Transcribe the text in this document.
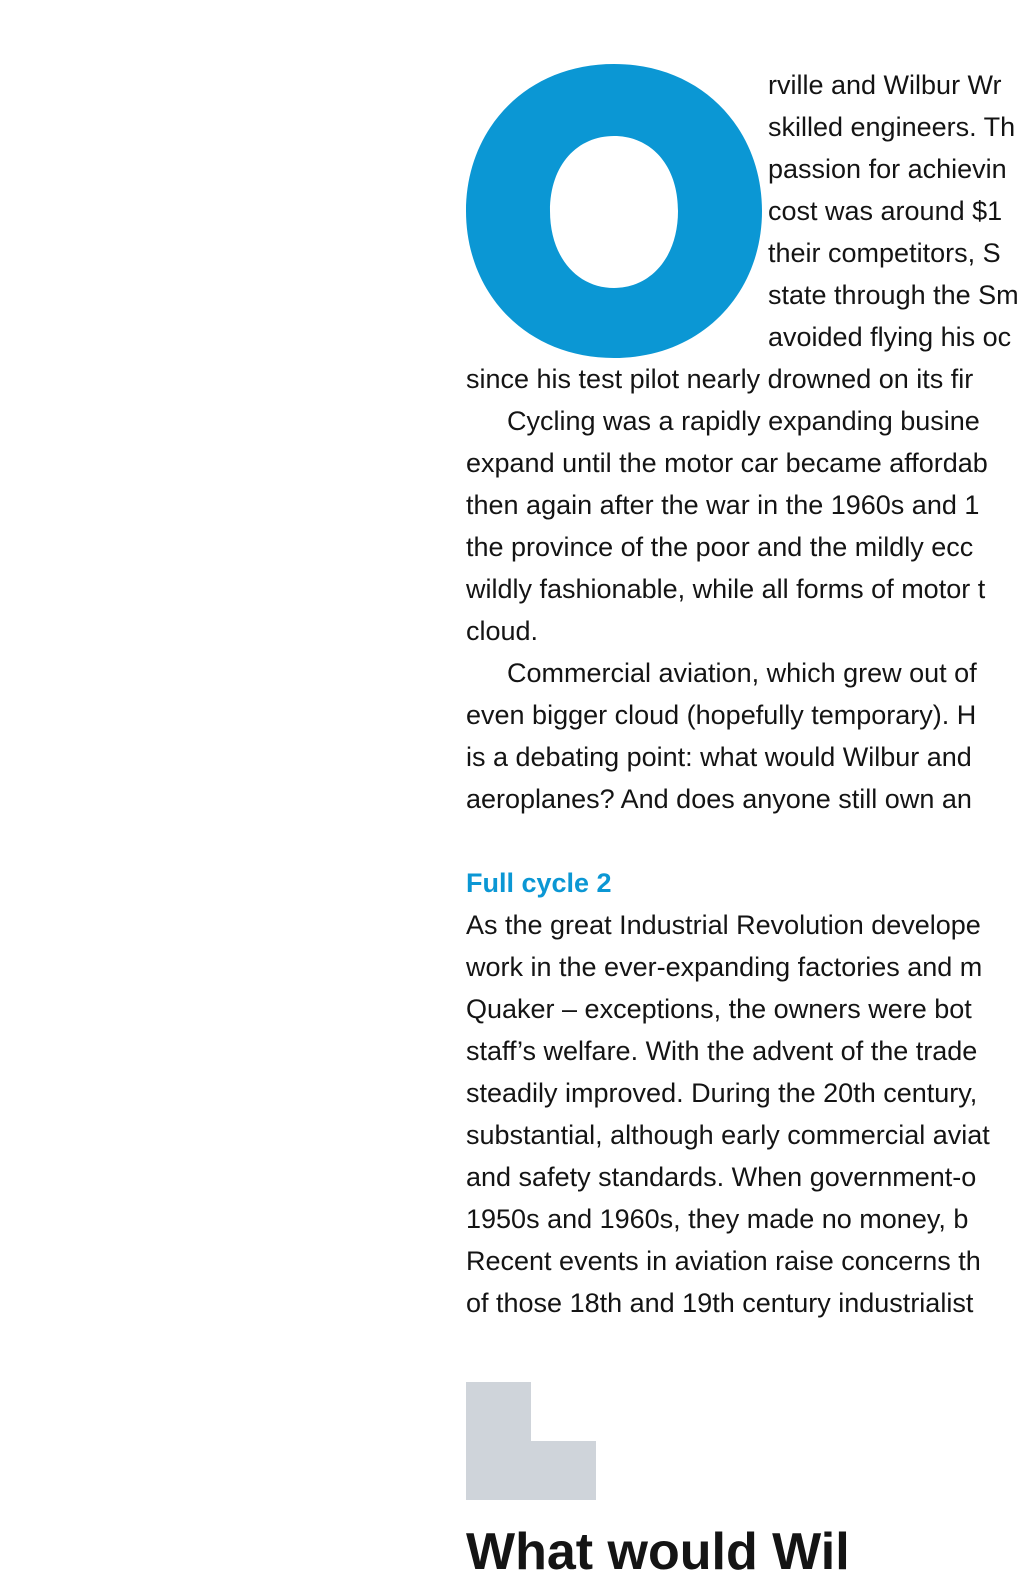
rville and Wilbur Wr

skilled engineers. Th

passion for achievin

cost was around $1

their competitors, S

state through the Sm

avoided flying his oc

since his test pilot nearly drowned on its fir

Cycling was a rapidly expanding busine

expand until the motor car became affordab

then again after the war in the 1960s and 1

the province of the poor and the mildly ecc

wildly fashionable, while all forms of motor t

cloud.

Commercial aviation, which grew out of

even bigger cloud (hopefully temporary). H

is a debating point: what would Wilbur and

aeroplanes? And does anyone still own an

Full cycle 2

As the great Industrial Revolution develope

work in the ever-expanding factories and m

Quaker – exceptions, the owners were bot

staff’s welfare. With the advent of the trade

steadily improved. During the 20th century,

substantial, although early commercial aviat

and safety standards. When government-o

1950s and 1960s, they made no money, b

Recent events in aviation raise concerns th

of those 18th and 19th century industrialist

What would Wil
